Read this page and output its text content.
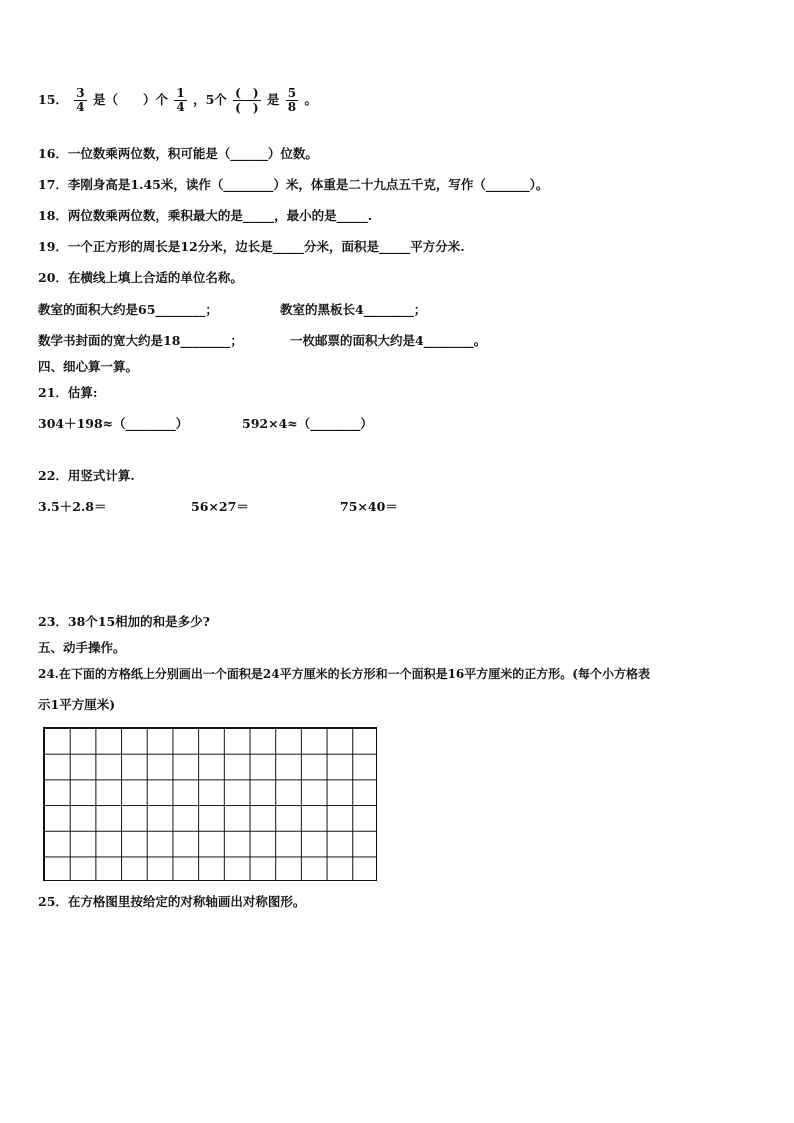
15． $\frac{3}{4}$ 是（　　）个 $\frac{1}{4}$ ，5个 $\frac{( )}{( )}$ 是 $\frac{5}{8}$ 。
16．一位数乘两位数，积可能是（______）位数。
17．李刚身高是1.45米，读作（________）米，体重是二十九点五千克，写作（_______）。
18．两位数乘两位数，乘积最大的是_____，最小的是_____.
19．一个正方形的周长是12分米，边长是_____分米，面积是_____平方分米.
20．在横线上填上合适的单位名称。
教室的面积大约是65________；	教室的黑板长4________；
数学书封面的宽大约是18________；	一枚邮票的面积大约是4________。
四、细心算一算。
21．估算:
304＋198≈（________）	592×4≈（________）
22．用竖式计算.
3.5＋2.8＝	56×27＝	75×40＝
23．38个15相加的和是多少?
五、动手操作。
24.在下面的方格纸上分别画出一个面积是24平方厘米的长方形和一个面积是16平方厘米的正方形。(每个小方格表
示1平方厘米)
25．在方格图里按给定的对称轴画出对称图形。
